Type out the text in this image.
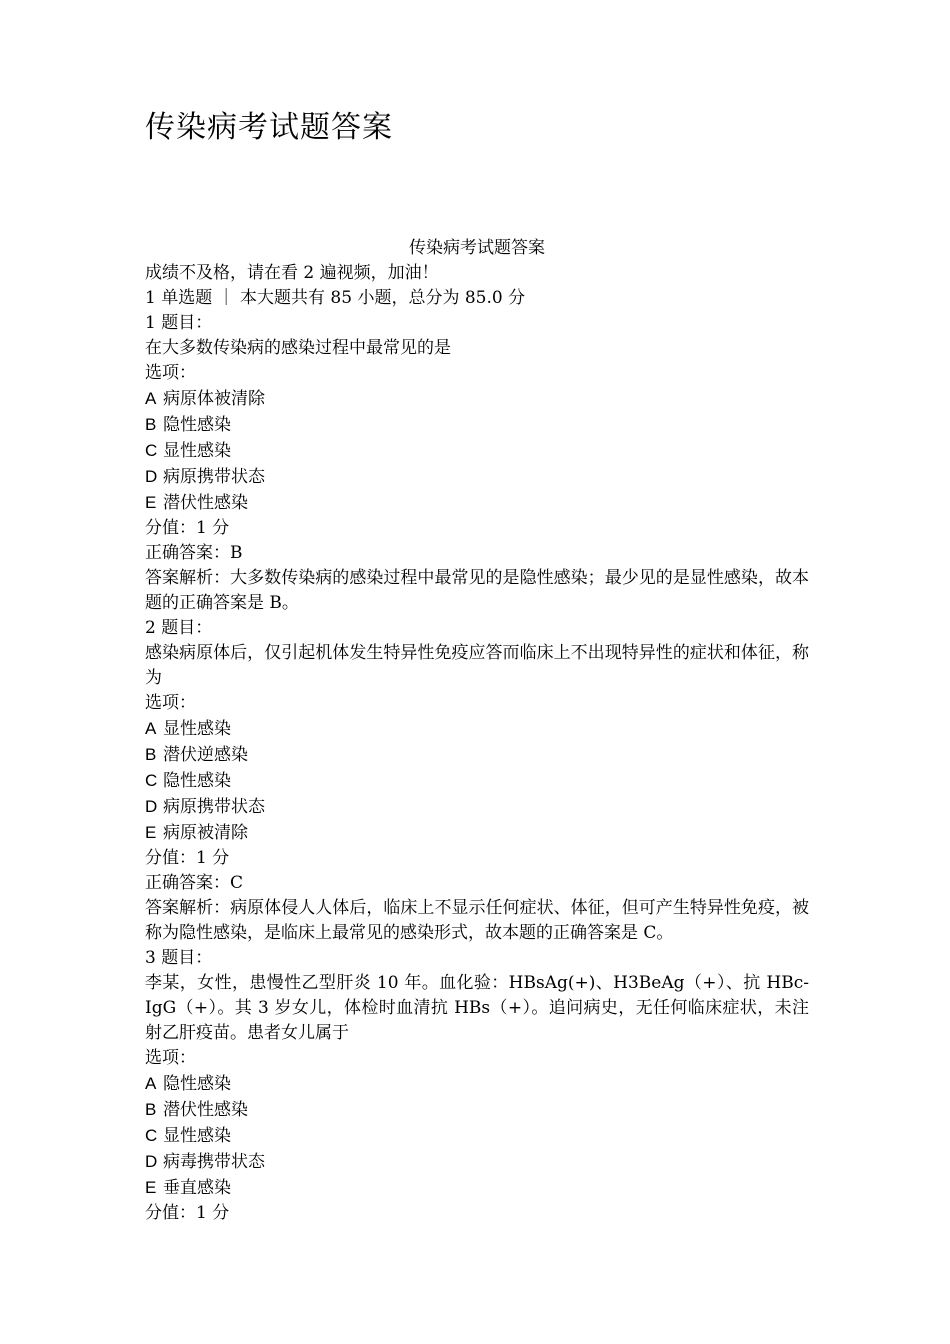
传染病考试题答案
传染病考试题答案
成绩不及格，请在看 2 遍视频，加油！
1 单选题 ｜ 本大题共有 85 小题，总分为 85.0 分
1 题目：
在大多数传染病的感染过程中最常见的是
选项：
A 病原体被清除
B 隐性感染
C 显性感染
D 病原携带状态
E 潜伏性感染
分值：1 分
正确答案：B
答案解析：大多数传染病的感染过程中最常见的是隐性感染；最少见的是显性感染，故本题的正确答案是 B。
2 题目：
感染病原体后，仅引起机体发生特异性免疫应答而临床上不出现特异性的症状和体征，称为
选项：
A 显性感染
B 潜伏逆感染
C 隐性感染
D 病原携带状态
E 病原被清除
分值：1 分
正确答案：C
答案解析：病原体侵人人体后，临床上不显示任何症状、体征，但可产生特异性免疫，被称为隐性感染，是临床上最常见的感染形式，故本题的正确答案是 C。
3 题目：
李某，女性，患慢性乙型肝炎 10 年。血化验：HBsAg(+)、H3BeAg（+）、抗 HBc-IgG（+）。其 3 岁女儿，体检时血清抗 HBs（+）。追问病史，无任何临床症状，未注射乙肝疫苗。患者女儿属于
选项：
A 隐性感染
B 潜伏性感染
C 显性感染
D 病毒携带状态
E 垂直感染
分值：1 分
